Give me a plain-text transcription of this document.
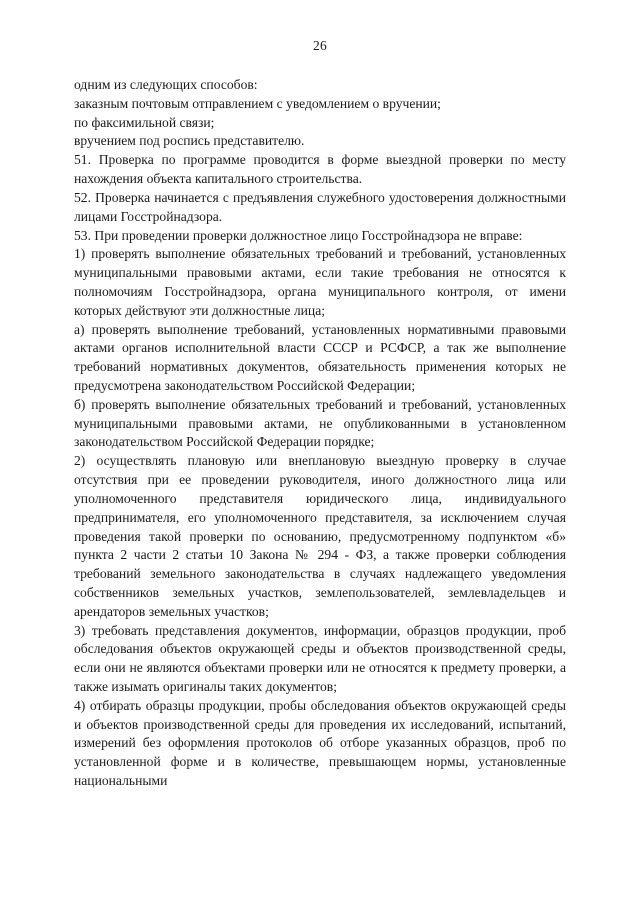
26

одним из следующих способов:

заказным почтовым отправлением с уведомлением о вручении;

по факсимильной связи;

вручением под роспись представителю.

51. Проверка по программе проводится в форме выездной проверки по месту нахождения объекта капитального строительства.

52. Проверка начинается с предъявления служебного удостоверения должностными лицами Госстройнадзора.

53. При проведении проверки должностное лицо Госстройнадзора не вправе:

1) проверять выполнение обязательных требований и требований, установленных муниципальными правовыми актами, если такие требования не относятся к полномочиям Госстройнадзора, органа муниципального контроля, от имени которых действуют эти должностные лица;

а) проверять выполнение требований, установленных нормативными правовыми актами органов исполнительной власти СССР и РСФСР, а так же выполнение требований нормативных документов, обязательность применения которых не предусмотрена законодательством Российской Федерации;

б) проверять выполнение обязательных требований и требований, установленных муниципальными правовыми актами, не опубликованными в установленном законодательством Российской Федерации порядке;

2) осуществлять плановую или внеплановую выездную проверку в случае отсутствия при ее проведении руководителя, иного должностного лица или уполномоченного представителя юридического лица, индивидуального предпринимателя, его уполномоченного представителя, за исключением случая проведения такой проверки по основанию, предусмотренному подпунктом «б» пункта 2 части 2 статьи 10 Закона № 294 - ФЗ, а также проверки соблюдения требований земельного законодательства в случаях надлежащего уведомления собственников земельных участков, землепользователей, землевладельцев и арендаторов земельных участков;

3) требовать представления документов, информации, образцов продукции, проб обследования объектов окружающей среды и объектов производственной среды, если они не являются объектами проверки или не относятся к предмету проверки, а также изымать оригиналы таких документов;

4) отбирать образцы продукции, пробы обследования объектов окружающей среды и объектов производственной среды для проведения их исследований, испытаний, измерений без оформления протоколов об отборе указанных образцов, проб по установленной форме и в количестве, превышающем нормы, установленные национальными
